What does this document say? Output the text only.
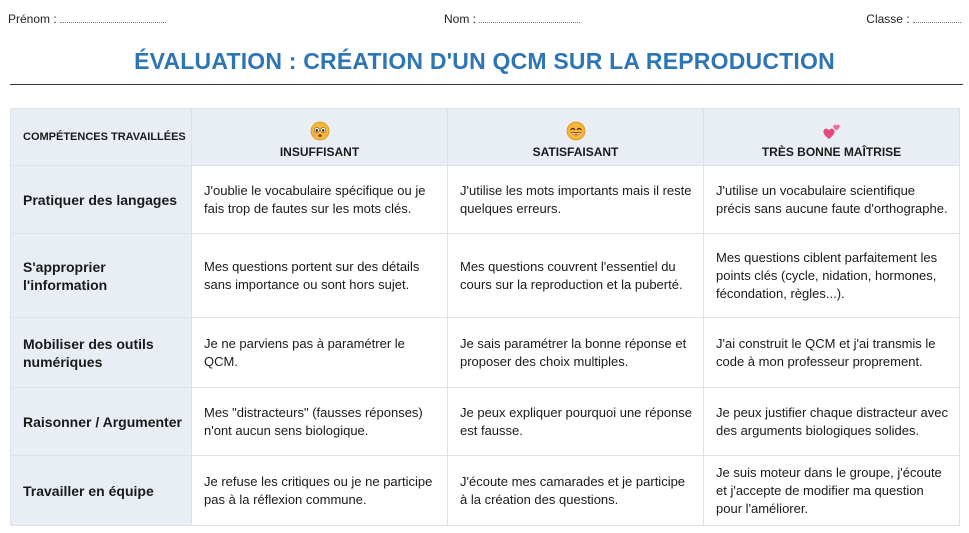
Prénom :	Nom :	Classe :
ÉVALUATION : CRÉATION D'UN QCM SUR LA REPRODUCTION
COMPÉTENCES TRAVAILLÉES	INSUFFISANT	SATISFAISANT	TRÈS BONNE MAÎTRISE
Pratiquer des langages	J'oublie le vocabulaire spécifique ou je fais trop de fautes sur les mots clés.	J'utilise les mots importants mais il reste quelques erreurs.	J'utilise un vocabulaire scientifique précis sans aucune faute d'orthographe.
S'approprier l'information	Mes questions portent sur des détails sans importance ou sont hors sujet.	Mes questions couvrent l'essentiel du cours sur la reproduction et la puberté.	Mes questions ciblent parfaitement les points clés (cycle, nidation, hormones, fécondation, règles...).
Mobiliser des outils numériques	Je ne parviens pas à paramétrer le QCM.	Je sais paramétrer la bonne réponse et proposer des choix multiples.	J'ai construit le QCM et j'ai transmis le code à mon professeur proprement.
Raisonner / Argumenter	Mes "distracteurs" (fausses réponses) n'ont aucun sens biologique.	Je peux expliquer pourquoi une réponse est fausse.	Je peux justifier chaque distracteur avec des arguments biologiques solides.
Travailler en équipe	Je refuse les critiques ou je ne participe pas à la réflexion commune.	J'écoute mes camarades et je participe à la création des questions.	Je suis moteur dans le groupe, j'écoute et j'accepte de modifier ma question pour l'améliorer.
